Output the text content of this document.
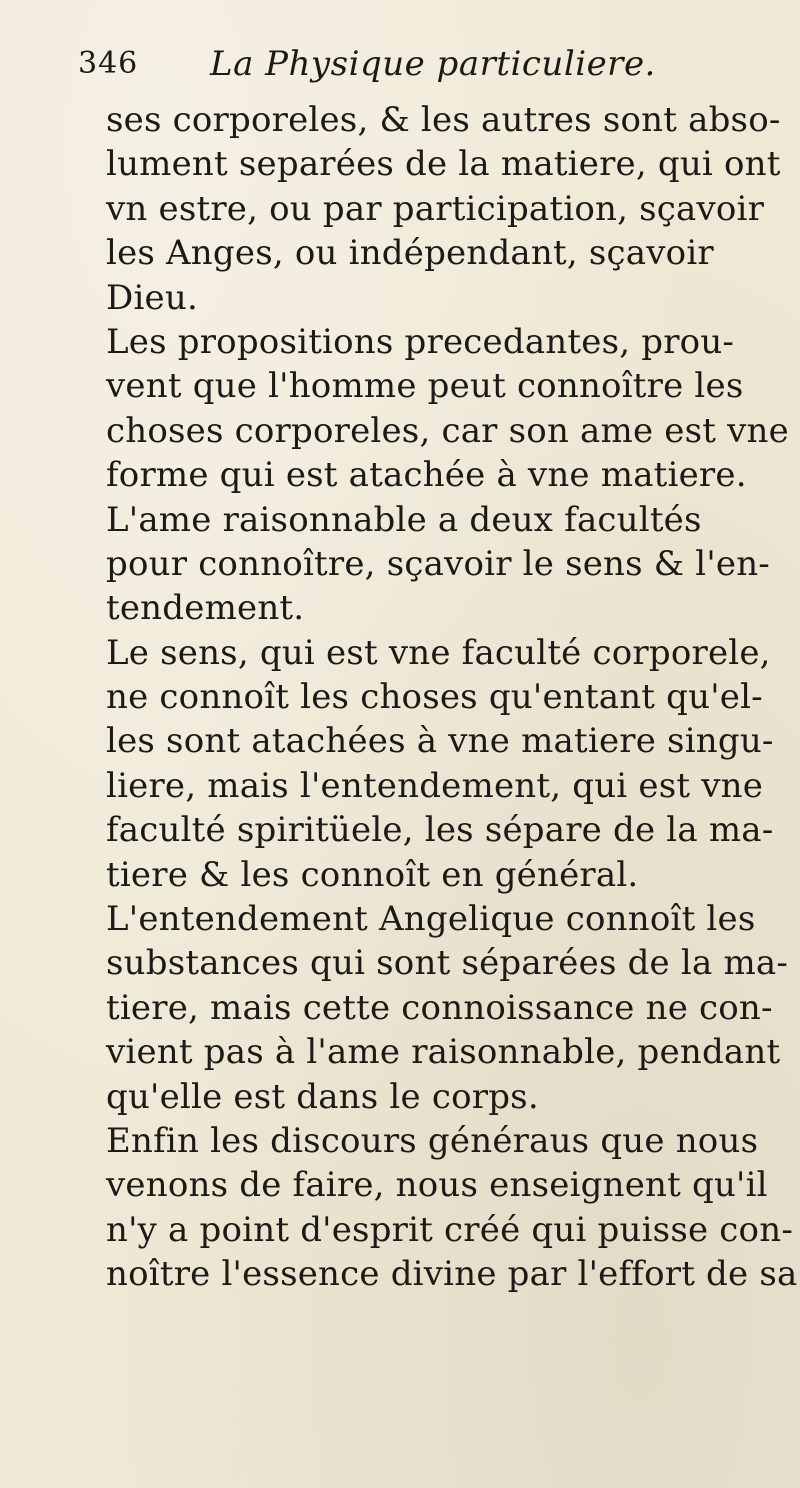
346 La Physique particuliere.
ses corporeles, & les autres sont abso-
lument separées de la matiere, qui ont
vn estre, ou par participation, sçavoir
les Anges, ou indépendant, sçavoir
Dieu.
Les propositions precedantes, prou-
vent que l'homme peut connoître les
choses corporeles, car son ame est vne
forme qui est atachée à vne matiere.
L'ame raisonnable a deux facultés
pour connoître, sçavoir le sens & l'en-
tendement.
Le sens, qui est vne faculté corporele,
ne connoît les choses qu'entant qu'el-
les sont atachées à vne matiere singu-
liere, mais l'entendement, qui est vne
faculté spiritüele, les sépare de la ma-
tiere & les connoît en général.
L'entendement Angelique connoît les
substances qui sont séparées de la ma-
tiere, mais cette connoissance ne con-
vient pas à l'ame raisonnable, pendant
qu'elle est dans le corps.
Enfin les discours généraus que nous
venons de faire, nous enseignent qu'il
n'y a point d'esprit créé qui puisse con-
noître l'essence divine par l'effort de sa
